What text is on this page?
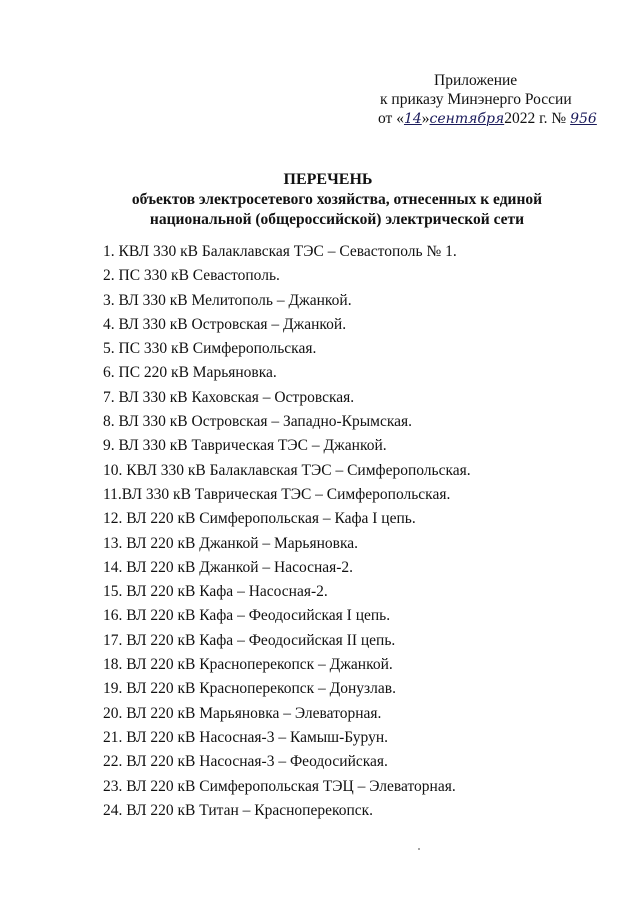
Приложение
к приказу Минэнерго России
от «14»сентября2022 г. № 956
ПЕРЕЧЕНЬ
объектов электросетевого хозяйства, отнесенных к единой
национальной (общероссийской) электрической сети
1. КВЛ 330 кВ Балаклавская ТЭС – Севастополь № 1.
2. ПС 330 кВ Севастополь.
3. ВЛ 330 кВ Мелитополь – Джанкой.
4. ВЛ 330 кВ Островская – Джанкой.
5. ПС 330 кВ Симферопольская.
6. ПС 220 кВ Марьяновка.
7. ВЛ 330 кВ Каховская – Островская.
8. ВЛ 330 кВ Островская – Западно-Крымская.
9. ВЛ 330 кВ Таврическая ТЭС – Джанкой.
10. КВЛ 330 кВ Балаклавская ТЭС – Симферопольская.
11.ВЛ 330 кВ Таврическая ТЭС – Симферопольская.
12. ВЛ 220 кВ Симферопольская – Кафа I цепь.
13. ВЛ 220 кВ Джанкой – Марьяновка.
14. ВЛ 220 кВ Джанкой – Насосная-2.
15. ВЛ 220 кВ Кафа – Насосная-2.
16. ВЛ 220 кВ Кафа – Феодосийская I цепь.
17. ВЛ 220 кВ Кафа – Феодосийская II цепь.
18. ВЛ 220 кВ Красноперекопск – Джанкой.
19. ВЛ 220 кВ Красноперекопск – Донузлав.
20. ВЛ 220 кВ Марьяновка – Элеваторная.
21. ВЛ 220 кВ Насосная-3 – Камыш-Бурун.
22. ВЛ 220 кВ Насосная-3 – Феодосийская.
23. ВЛ 220 кВ Симферопольская ТЭЦ – Элеваторная.
24. ВЛ 220 кВ Титан – Красноперекопск.
